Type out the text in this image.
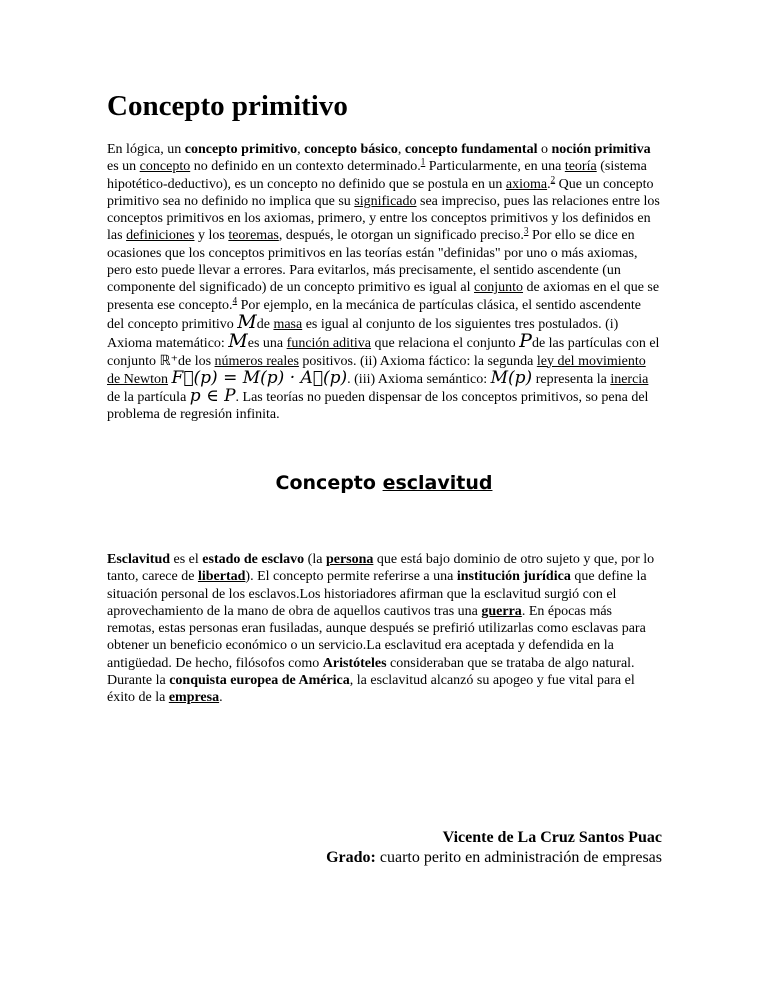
Concepto primitivo

En lógica, un concepto primitivo, concepto básico, concepto fundamental o noción primitiva es un concepto no definido en un contexto determinado.$^1$ Particularmente, en una teoría (sistema hipotético-deductivo), es un concepto no definido que se postula en un axioma.$^2$ Que un concepto primitivo sea no definido no implica que su significado sea impreciso, pues las relaciones entre los conceptos primitivos en los axiomas, primero, y entre los conceptos primitivos y los definidos en las definiciones y los teoremas, después, le otorgan un significado preciso.$^3$ Por ello se dice en ocasiones que los conceptos primitivos en las teorías están "definidas" por uno o más axiomas, pero esto puede llevar a errores. Para evitarlos, más precisamente, el sentido ascendente (un componente del significado) de un concepto primitivo es igual al conjunto de axiomas en el que se presenta ese concepto.$^4$ Por ejemplo, en la mecánica de partículas clásica, el sentido ascendente del concepto primitivo Mde masa es igual al conjunto de los siguientes tres postulados. (i) Axioma matemático: Mes una función aditiva que relaciona el conjunto Pde las partículas con el conjunto ℝ⁺de los números reales positivos. (ii) Axioma fáctico: la segunda ley del movimiento de Newton F⃗(p) = M(p) · A⃗(p). (iii) Axioma semántico: M(p) representa la inercia de la partícula p ∈ P. Las teorías no pueden dispensar de los conceptos primitivos, so pena del problema de regresión infinita.

Concepto esclavitud

Esclavitud es el estado de esclavo (la persona que está bajo dominio de otro sujeto y que, por lo tanto, carece de libertad). El concepto permite referirse a una institución jurídica que define la situación personal de los esclavos.Los historiadores afirman que la esclavitud surgió con el aprovechamiento de la mano de obra de aquellos cautivos tras una guerra. En épocas más remotas, estas personas eran fusiladas, aunque después se prefirió utilizarlas como esclavas para obtener un beneficio económico o un servicio.La esclavitud era aceptada y defendida en la antigüedad. De hecho, filósofos como Aristóteles consideraban que se trataba de algo natural. Durante la conquista europea de América, la esclavitud alcanzó su apogeo y fue vital para el éxito de la empresa.

Vicente de La Cruz Santos Puac
Grado: cuarto perito en administración de empresas
